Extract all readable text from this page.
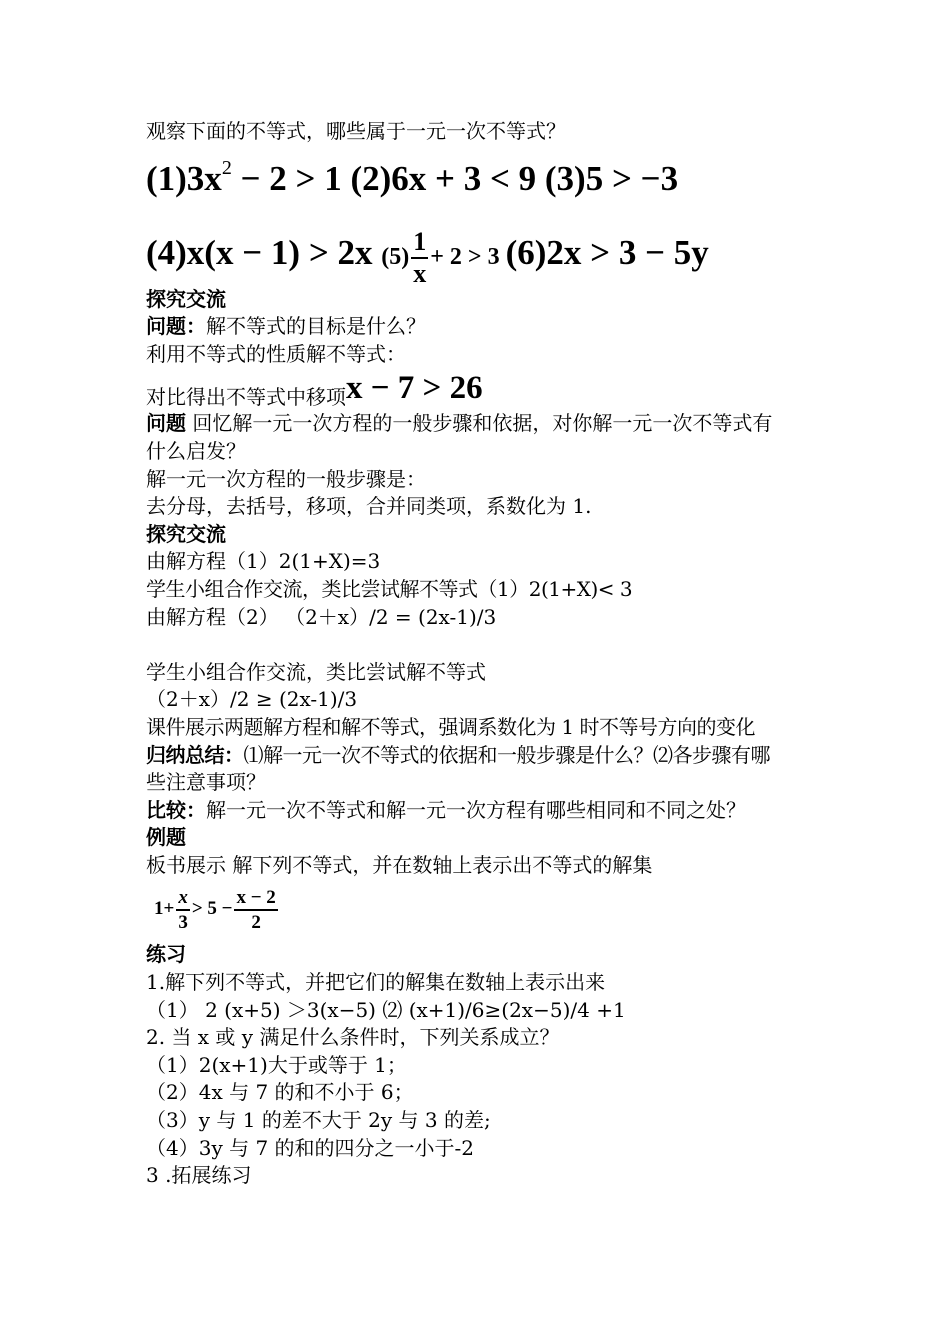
观察下面的不等式，哪些属于一元一次不等式？
$(1)3x^2 - 2 > 1$ (2)6x + 3 < 9 (3)5 > −3
(4)x(x − 1) > 2x $(5) \frac{1}{x} + 2 > 3$ (6)2x > 3 − 5y
探究交流
问题：解不等式的目标是什么？
利用不等式的性质解不等式：
对比得出不等式中移项x − 7 > 26
问题 回忆解一元一次方程的一般步骤和依据，对你解一元一次不等式有
什么启发？
解一元一次方程的一般步骤是：
去分母，去括号，移项，合并同类项，系数化为 1.
探究交流
由解方程（1）2(1+X)=3
学生小组合作交流，类比尝试解不等式（1）2(1+X)< 3
由解方程（2） （2＋x）/2 = (2x-1)/3
学生小组合作交流，类比尝试解不等式
（2＋x）/2 ≥ (2x-1)/3
课件展示两题解方程和解不等式，强调系数化为 1 时不等号方向的变化
归纳总结：⑴解一元一次不等式的依据和一般步骤是什么？⑵各步骤有哪
些注意事项？
比较：解一元一次不等式和解一元一次方程有哪些相同和不同之处？
例题
板书展示 解下列不等式，并在数轴上表示出不等式的解集
$1+ \frac{x}{3} > 5 - \frac{x - 2}{2}$
练习
1.解下列不等式，并把它们的解集在数轴上表示出来
（1） 2 (x+5) ＞3(x−5) ⑵ (x+1)/6≥(2x−5)/4 +1
2. 当 x 或 y 满足什么条件时，下列关系成立？
（1）2(x+1)大于或等于 1；
（2）4x 与 7 的和不小于 6；
（3）y 与 1 的差不大于 2y 与 3 的差;
（4）3y 与 7 的和的四分之一小于-2
3 .拓展练习
